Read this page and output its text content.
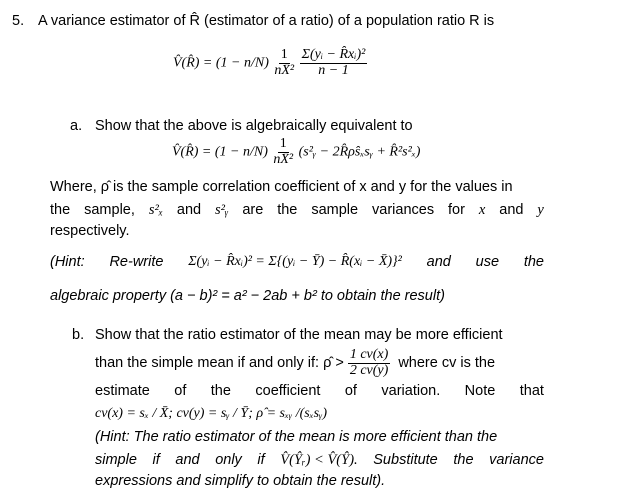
5. A variance estimator of R̂ (estimator of a ratio) of a population ratio R is
V̂(R̂) = $(1 - n/N) \frac{1}{\text{nX̄²}}$
$\frac{\text{Σ(yᵢ − R̂xᵢ)²}}{n - 1}$
a. Show that the above is algebraically equivalent to
V̂(R̂) = $(1 - n/N) \frac{1}{\text{nX̄²}}$ (s²ᵧ − 2R̂ρ̂sₓsᵧ + R̂²s²ₓ)
Where, ρ̂ is the sample correlation coefficient of x and y for the values in
the sample, s²ₓ and s²ᵧ are the sample variances for x and y
respectively.
(Hint: Re-write Σ(yᵢ − R̂xᵢ)² = Σ{(yᵢ − Ȳ) − R̂(xᵢ − X̄)}² and use the
algebraic property (a − b)² = a² − 2ab + b² to obtain the result)
b. Show that the ratio estimator of the mean may be more efficient
than the simple mean if and only if: ρ̂ > $\frac{1 cv(x)}{2 cv(y)}$ where cv is the
estimate of the coefficient of variation. Note that
cv(x) = sₓ / X̄; cv(y) = sᵧ / Ȳ; ρ̂ = sₓᵧ /(sₓsᵧ)
(Hint: The ratio estimator of the mean is more efficient than the
simple if and only if V̂(Ŷᵣ) < V̂(Ŷ). Substitute the variance
expressions and simplify to obtain the result).
